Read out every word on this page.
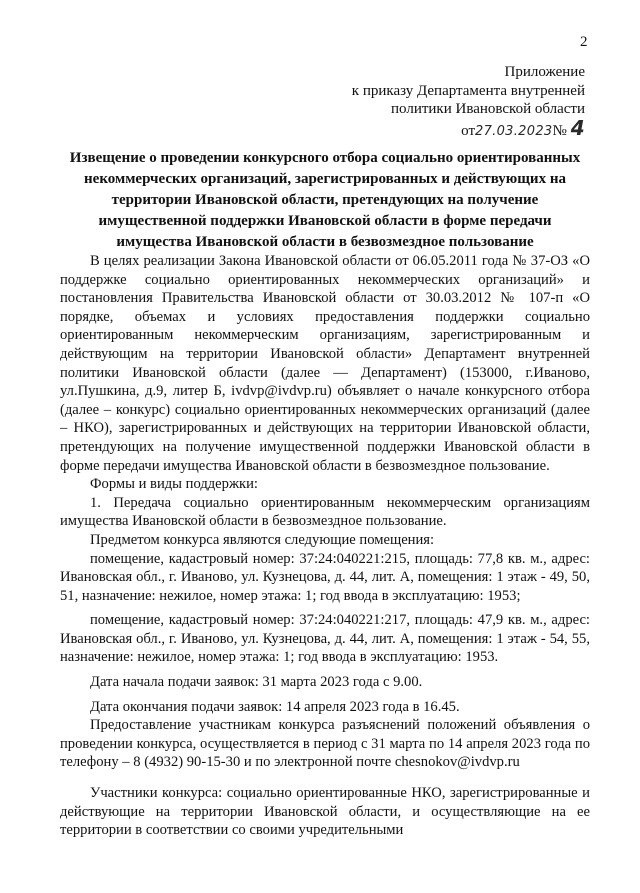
2
Приложение
к приказу Департамента внутренней
политики Ивановской области
от27.03.2023№ 4
Извещение о проведении конкурсного отбора социально ориентированных некоммерческих организаций, зарегистрированных и действующих на территории Ивановской области, претендующих на получение имущественной поддержки Ивановской области в форме передачи имущества Ивановской области в безвозмездное пользование

В целях реализации Закона Ивановской области от 06.05.2011 года № 37-ОЗ «О поддержке социально ориентированных некоммерческих организаций» и постановления Правительства Ивановской области от 30.03.2012 № 107-п «О порядке, объемах и условиях предоставления поддержки социально ориентированным некоммерческим организациям, зарегистрированным и действующим на территории Ивановской области» Департамент внутренней политики Ивановской области (далее — Департамент) (153000, г.Иваново, ул.Пушкина, д.9, литер Б, ivdvp@ivdvp.ru) объявляет о начале конкурсного отбора (далее – конкурс) социально ориентированных некоммерческих организаций (далее – НКО), зарегистрированных и действующих на территории Ивановской области, претендующих на получение имущественной поддержки Ивановской области в форме передачи имущества Ивановской области в безвозмездное пользование.

Формы и виды поддержки:

1. Передача социально ориентированным некоммерческим организациям имущества Ивановской области в безвозмездное пользование.

Предметом конкурса являются следующие помещения:

помещение, кадастровый номер: 37:24:040221:215, площадь: 77,8 кв. м., адрес: Ивановская обл., г. Иваново, ул. Кузнецова, д. 44, лит. А, помещения: 1 этаж - 49, 50, 51, назначение: нежилое, номер этажа: 1; год ввода в эксплуатацию: 1953;

помещение, кадастровый номер: 37:24:040221:217, площадь: 47,9 кв. м., адрес: Ивановская обл., г. Иваново, ул. Кузнецова, д. 44, лит. А, помещения: 1 этаж - 54, 55, назначение: нежилое, номер этажа: 1; год ввода в эксплуатацию: 1953.

Дата начала подачи заявок: 31 марта 2023 года с 9.00.

Дата окончания подачи заявок: 14 апреля 2023 года в 16.45.

Предоставление участникам конкурса разъяснений положений объявления о проведении конкурса, осуществляется в период с 31 марта по 14 апреля 2023 года по телефону – 8 (4932) 90-15-30 и по электронной почте chesnokov@ivdvp.ru

Участники конкурса: социально ориентированные НКО, зарегистрированные и действующие на территории Ивановской области, и осуществляющие на ее территории в соответствии со своими учредительными
